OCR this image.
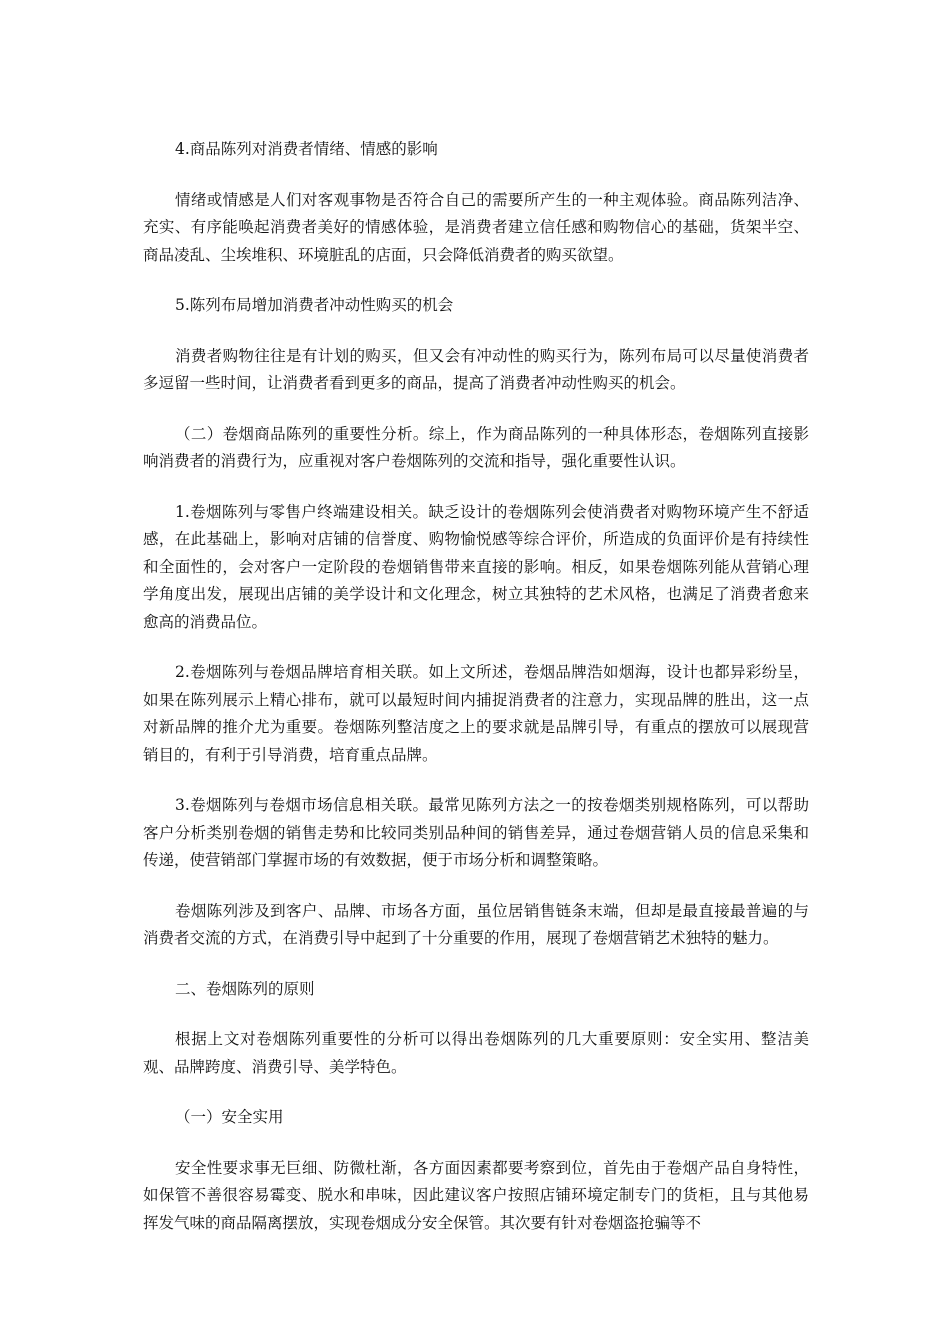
4.商品陈列对消费者情绪、情感的影响

情绪或情感是人们对客观事物是否符合自己的需要所产生的一种主观体验。商品陈列洁净、充实、有序能唤起消费者美好的情感体验，是消费者建立信任感和购物信心的基础，货架半空、商品凌乱、尘埃堆积、环境脏乱的店面，只会降低消费者的购买欲望。

5.陈列布局增加消费者冲动性购买的机会

消费者购物往往是有计划的购买，但又会有冲动性的购买行为，陈列布局可以尽量使消费者多逗留一些时间，让消费者看到更多的商品，提高了消费者冲动性购买的机会。

（二）卷烟商品陈列的重要性分析。综上，作为商品陈列的一种具体形态，卷烟陈列直接影响消费者的消费行为，应重视对客户卷烟陈列的交流和指导，强化重要性认识。

1.卷烟陈列与零售户终端建设相关。缺乏设计的卷烟陈列会使消费者对购物环境产生不舒适感，在此基础上，影响对店铺的信誉度、购物愉悦感等综合评价，所造成的负面评价是有持续性和全面性的，会对客户一定阶段的卷烟销售带来直接的影响。相反，如果卷烟陈列能从营销心理学角度出发，展现出店铺的美学设计和文化理念，树立其独特的艺术风格，也满足了消费者愈来愈高的消费品位。

2.卷烟陈列与卷烟品牌培育相关联。如上文所述，卷烟品牌浩如烟海，设计也都异彩纷呈，如果在陈列展示上精心排布，就可以最短时间内捕捉消费者的注意力，实现品牌的胜出，这一点对新品牌的推介尤为重要。卷烟陈列整洁度之上的要求就是品牌引导，有重点的摆放可以展现营销目的，有利于引导消费，培育重点品牌。

3.卷烟陈列与卷烟市场信息相关联。最常见陈列方法之一的按卷烟类别规格陈列，可以帮助客户分析类别卷烟的销售走势和比较同类别品种间的销售差异，通过卷烟营销人员的信息采集和传递，使营销部门掌握市场的有效数据，便于市场分析和调整策略。

卷烟陈列涉及到客户、品牌、市场各方面，虽位居销售链条末端，但却是最直接最普遍的与消费者交流的方式，在消费引导中起到了十分重要的作用，展现了卷烟营销艺术独特的魅力。

二、卷烟陈列的原则

根据上文对卷烟陈列重要性的分析可以得出卷烟陈列的几大重要原则：安全实用、整洁美观、品牌跨度、消费引导、美学特色。

（一）安全实用

安全性要求事无巨细、防微杜渐，各方面因素都要考察到位，首先由于卷烟产品自身特性，如保管不善很容易霉变、脱水和串味，因此建议客户按照店铺环境定制专门的货柜，且与其他易挥发气味的商品隔离摆放，实现卷烟成分安全保管。其次要有针对卷烟盗抢骗等不
